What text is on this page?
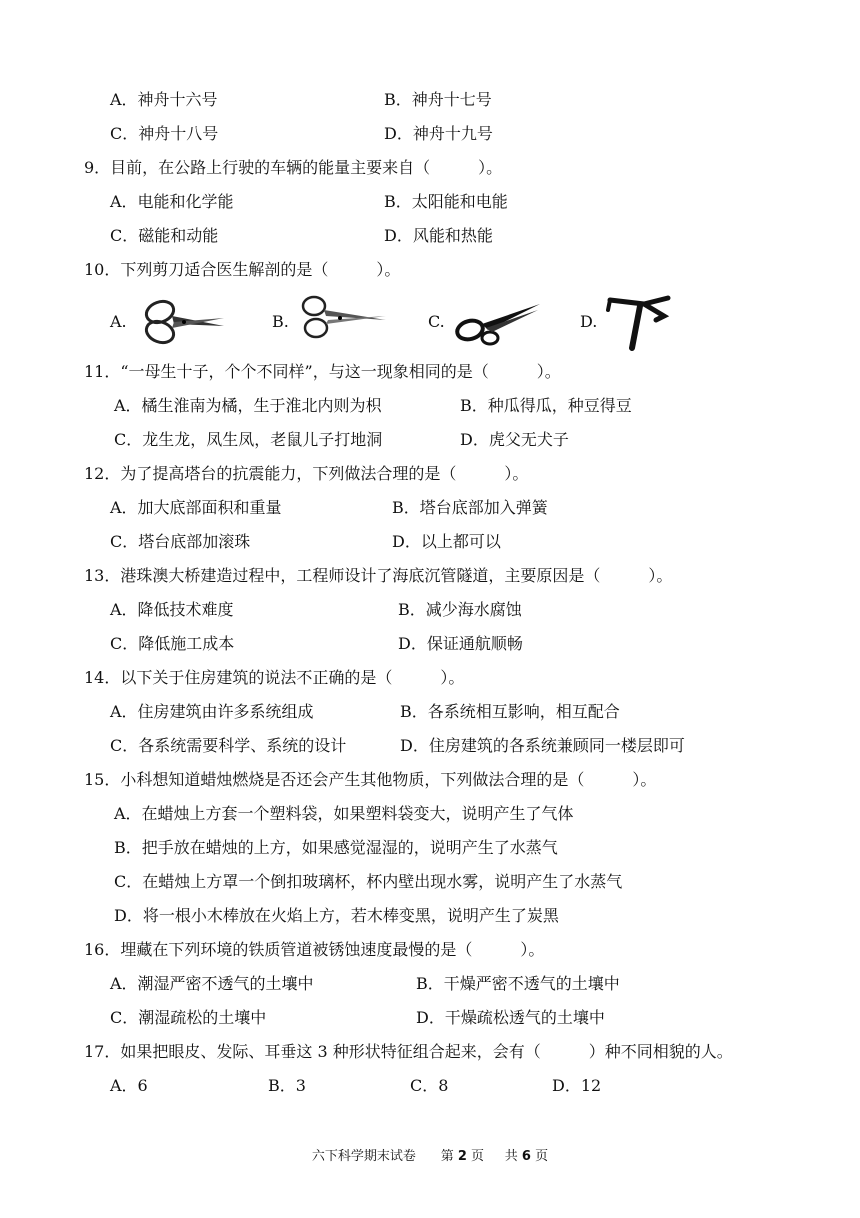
A．神舟十六号	B．神舟十七号
C．神舟十八号	D．神舟十九号
9．目前，在公路上行驶的车辆的能量主要来自（　　　）。
A．电能和化学能	B．太阳能和电能
C．磁能和动能	D．风能和热能
10．下列剪刀适合医生解剖的是（　　　）。
A.	B.	C.	D.
11．“一母生十子，个个不同样”，与这一现象相同的是（　　　）。
A．橘生淮南为橘，生于淮北内则为枳	B．种瓜得瓜，种豆得豆
C．龙生龙，凤生凤，老鼠儿子打地洞	D．虎父无犬子
12．为了提高塔台的抗震能力，下列做法合理的是（　　　）。
A．加大底部面积和重量	B．塔台底部加入弹簧
C．塔台底部加滚珠	D．以上都可以
13．港珠澳大桥建造过程中，工程师设计了海底沉管隧道，主要原因是（　　　）。
A．降低技术难度	B．减少海水腐蚀
C．降低施工成本	D．保证通航顺畅
14．以下关于住房建筑的说法不正确的是（　　　）。
A．住房建筑由许多系统组成	B．各系统相互影响，相互配合
C．各系统需要科学、系统的设计	D．住房建筑的各系统兼顾同一楼层即可
15．小科想知道蜡烛燃烧是否还会产生其他物质，下列做法合理的是（　　　）。
A．在蜡烛上方套一个塑料袋，如果塑料袋变大，说明产生了气体
B．把手放在蜡烛的上方，如果感觉湿湿的，说明产生了水蒸气
C．在蜡烛上方罩一个倒扣玻璃杯，杯内壁出现水雾，说明产生了水蒸气
D．将一根小木棒放在火焰上方，若木棒变黑，说明产生了炭黑
16．埋藏在下列环境的铁质管道被锈蚀速度最慢的是（　　　）。
A．潮湿严密不透气的土壤中	B．干燥严密不透气的土壤中
C．潮湿疏松的土壤中	D．干燥疏松透气的土壤中
17．如果把眼皮、发际、耳垂这 3 种形状特征组合起来，会有（　　　）种不同相貌的人。
A．6	B．3	C．8	D．12
六下科学期末试卷 第 2 页 共 6 页
